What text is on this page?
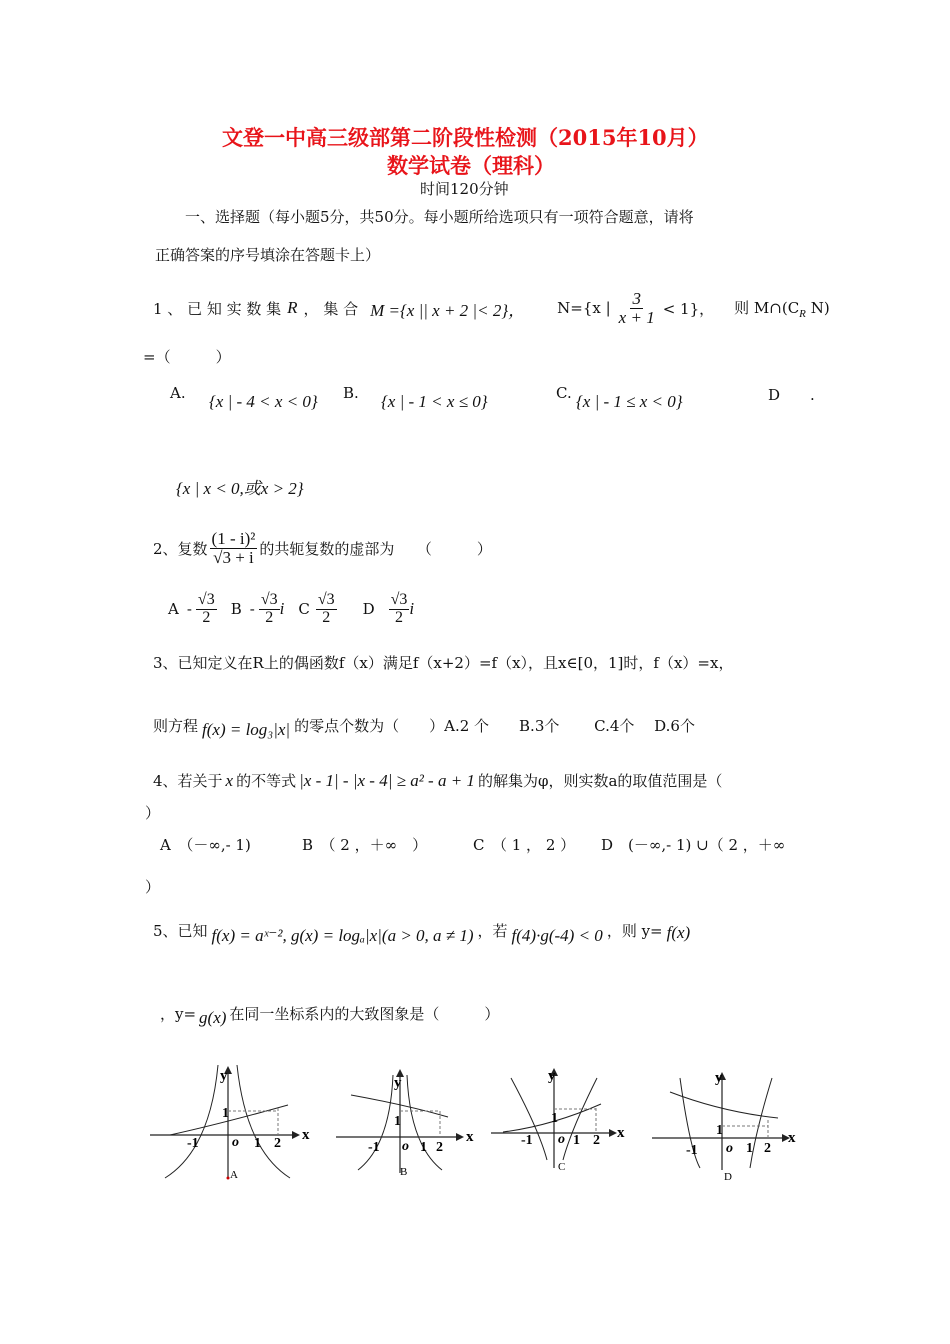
文登一中高三级部第二阶段性检测（2015年10月）
数学试卷（理科）
时间120分钟
一、选择题（每小题5分，共50分。每小题所给选项只有一项符合题意，请将
正确答案的序号填涂在答题卡上）
1 、 已 知 实 数 集 R ， 集 合 M ={x || x + 2 |< 2}， N={x | $\frac{3}{x + 1} < 1$}， 则 $M\cap(C_R$ N)
=（　　　）
A. {x | - 4 < x < 0} B. {x | - 1 < x ≤ 0}	C. {x | - 1 ≤ x < 0}	D　　.
{x | x < 0,或x > 2}
2、复数 $\frac{\text{(1 - i)²}}{√3 + i}$ 的共轭复数的虚部为　　（　　　）
A - $\frac{√3}{2}$ B - $\frac{√3}{2}$ i C $\frac{√3}{2}$ D $\frac{√3}{2}$ i
3、已知定义在R上的偶函数f（x）满足f（x+2）=f（x），且x∈[0，1]时，f（x）=x，
则方程 f(x) = log₃|x| 的零点个数为（　　）A.2 个　　B.3个　　 C.4个　 D.6个
4、若关于 x 的不等式 |x - 1| - |x - 4| ≥ a² - a + 1 的解集为φ，则实数a的取值范围是（
）
A　（－∞,- 1)	B　（ 2 ，＋∞　）	C　（ 1 ， 2 ） D　(－∞,- 1) ∪（ 2 ，＋∞
）
5、已知 f(x) = aˣ⁻², g(x) = logₐ|x|(a > 0, a ≠ 1) ，若 f(4)·g(-4) < 0 ，则 y= f(x)
，y= g(x) 在同一坐标系内的大致图象是（　　　）
y
x
1
o
-1	1 2
A
y
x
1
o
-1	1 2
B
y
x
1
o
-1	1 2
C
y
x
1
o
-1	1 2
D
